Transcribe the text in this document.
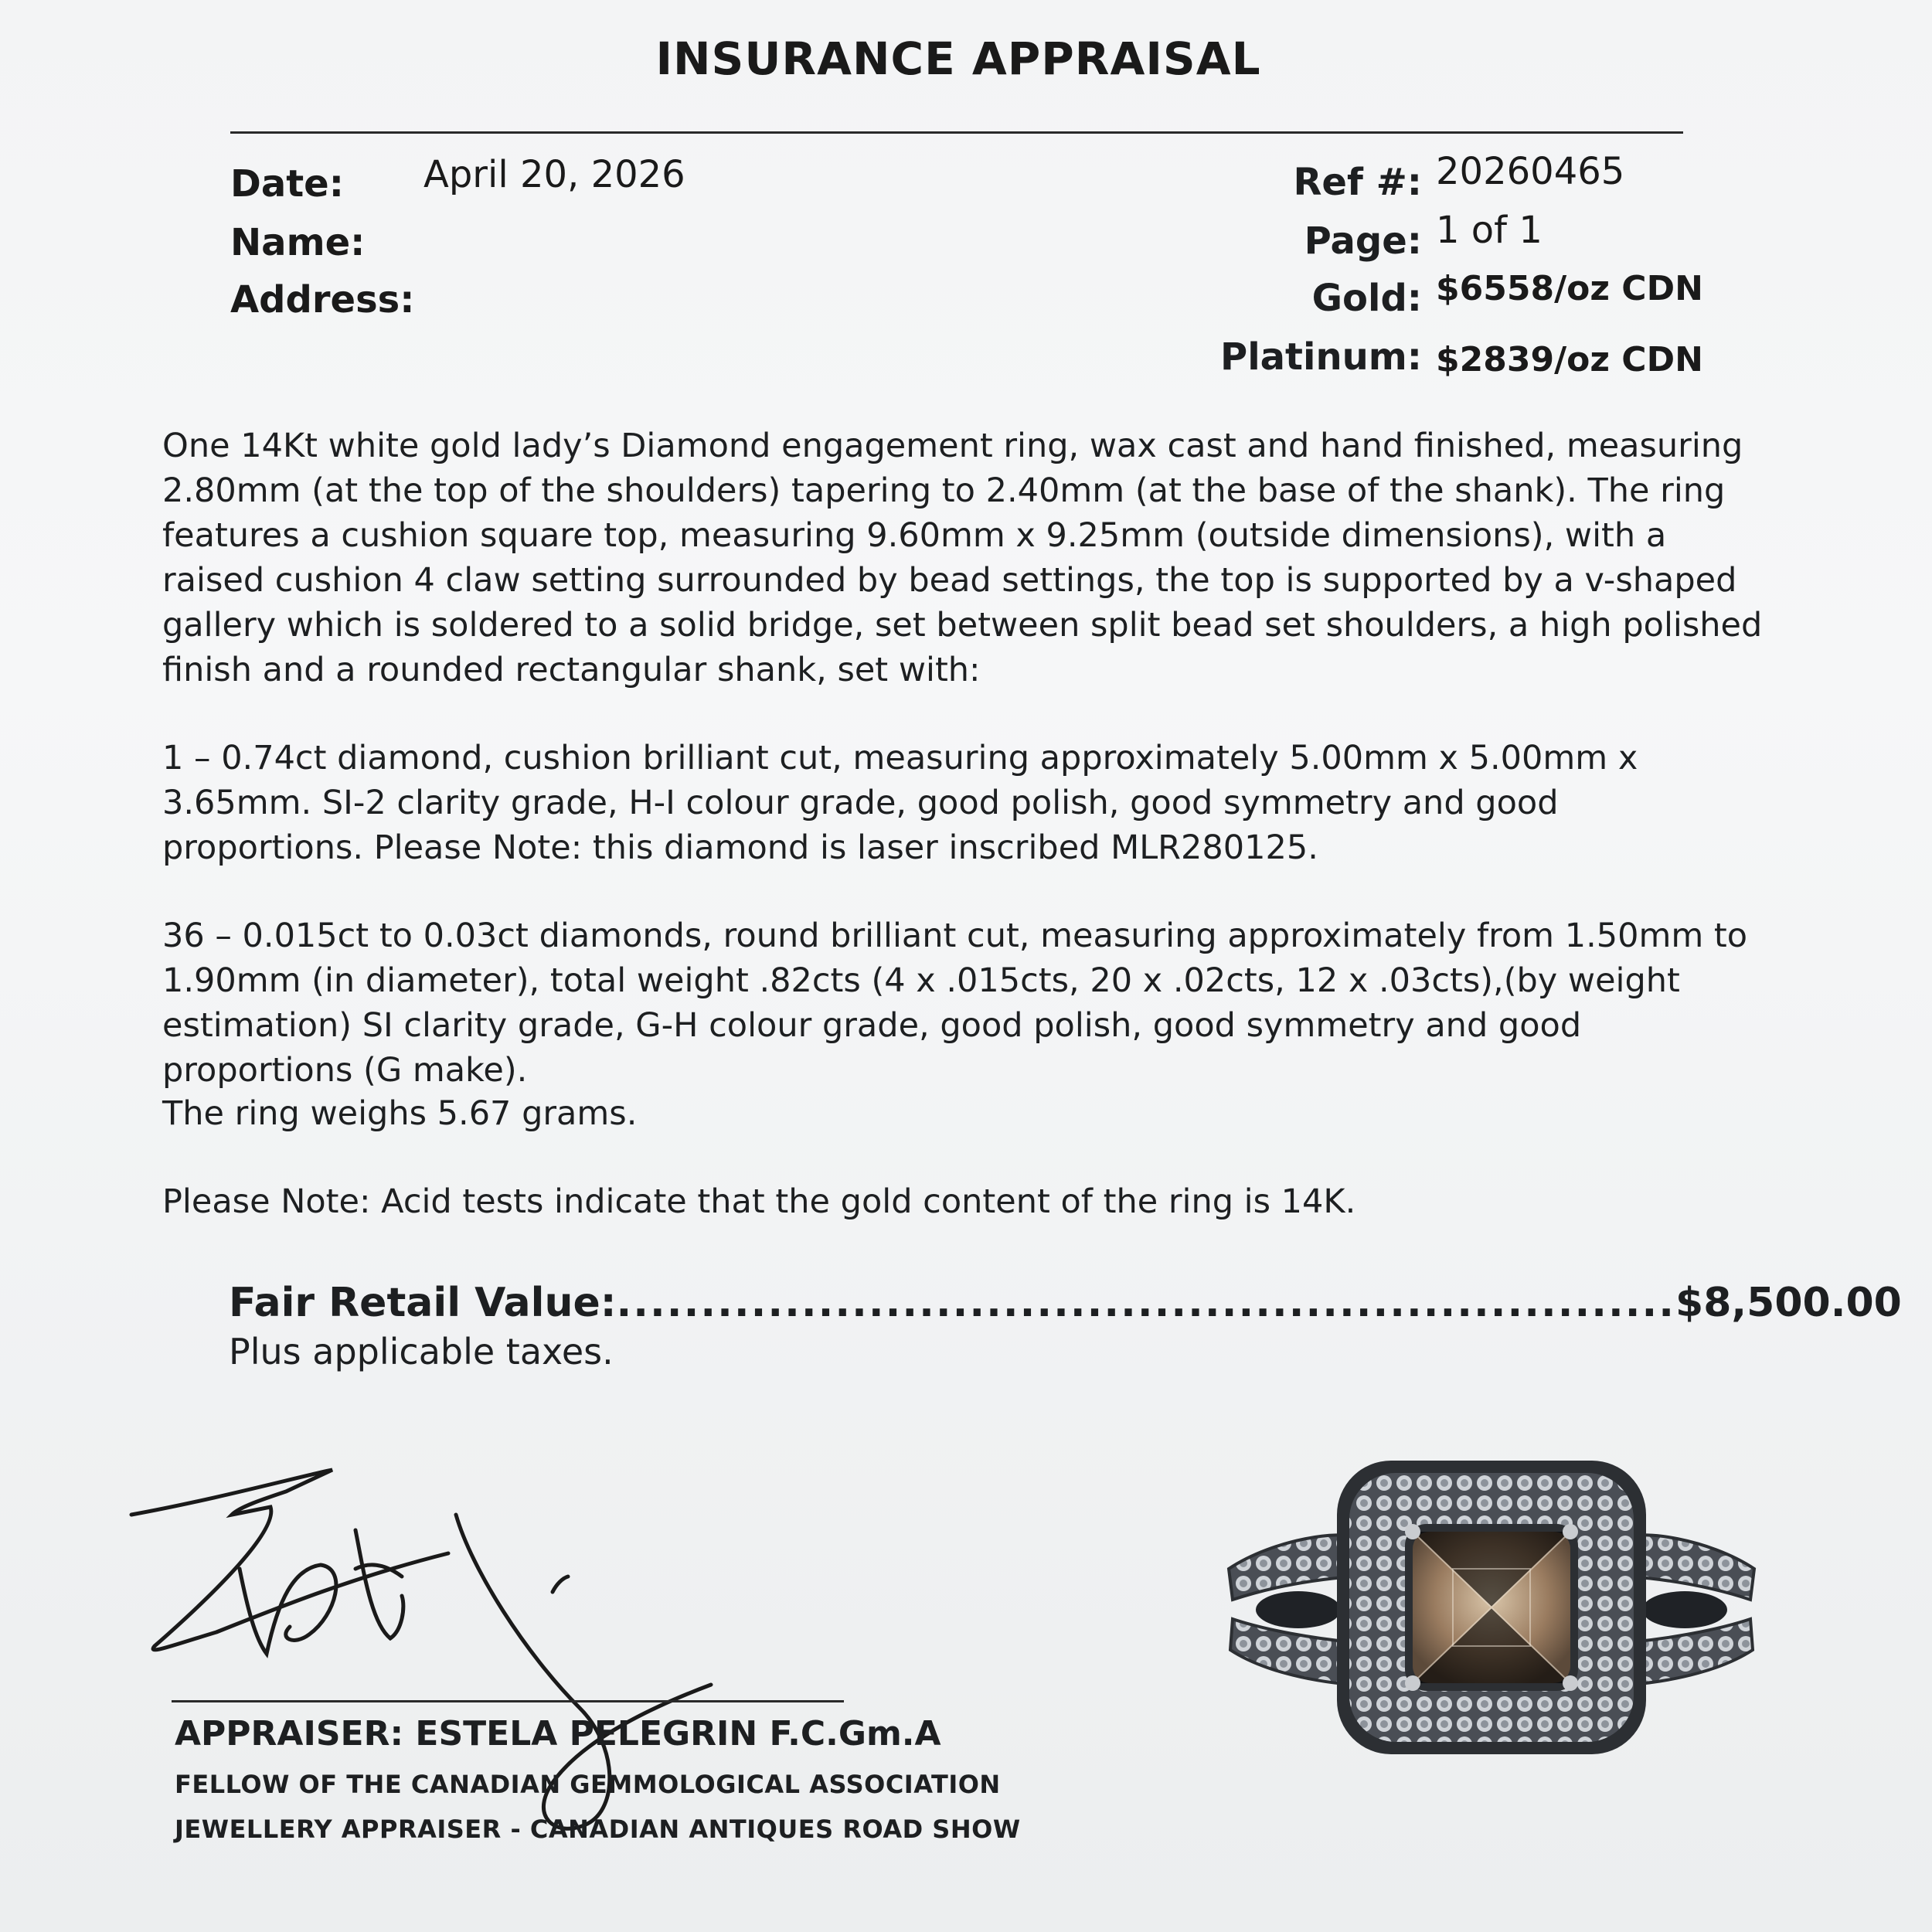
INSURANCE APPRAISAL
Date: April 20, 2026
Name:
Address:
Ref #: 20260465
Page: 1 of 1
Gold: $6558/oz CDN
Platinum: $2839/oz CDN
One 14Kt white gold lady’s Diamond engagement ring, wax cast and hand finished, measuring 2.80mm (at the top of the shoulders) tapering to 2.40mm (at the base of the shank). The ring features a cushion square top, measuring 9.60mm x 9.25mm (outside dimensions), with a raised cushion 4 claw setting surrounded by bead settings, the top is supported by a v-shaped gallery which is soldered to a solid bridge, set between split bead set shoulders, a high polished finish and a rounded rectangular shank, set with:
1 – 0.74ct diamond, cushion brilliant cut, measuring approximately 5.00mm x 5.00mm x 3.65mm. SI-2 clarity grade, H-I colour grade, good polish, good symmetry and good proportions. Please Note: this diamond is laser inscribed MLR280125.
36 – 0.015ct to 0.03ct diamonds, round brilliant cut, measuring approximately from 1.50mm to 1.90mm (in diameter), total weight .82cts (4 x .015cts, 20 x .02cts, 12 x .03cts),(by weight estimation) SI clarity grade, G-H colour grade, good polish, good symmetry and good proportions (G make).
The ring weighs 5.67 grams.
Please Note: Acid tests indicate that the gold content of the ring is 14K.
Fair Retail Value:...............................................................$8,500.00
Plus applicable taxes.
APPRAISER: ESTELA PELEGRIN F.C.Gm.A
FELLOW OF THE CANADIAN GEMMOLOGICAL ASSOCIATION
JEWELLERY APPRAISER - CANADIAN ANTIQUES ROAD SHOW
